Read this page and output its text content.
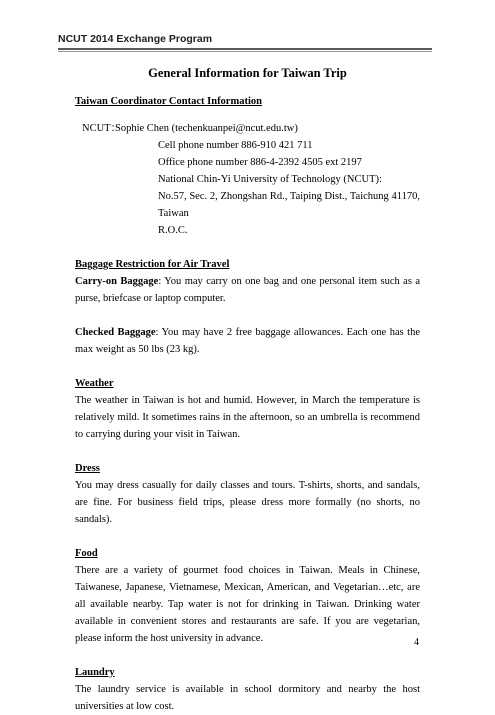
NCUT 2014 Exchange Program
General Information for Taiwan Trip
Taiwan Coordinator Contact Information
NCUT：
Sophie Chen (techenkuanpei@ncut.edu.tw)
Cell phone number 886-910 421 711
Office phone number 886-4-2392 4505 ext 2197
National Chin-Yi University of Technology (NCUT):
No.57, Sec. 2, Zhongshan Rd., Taiping Dist., Taichung 41170, Taiwan
R.O.C.
Baggage Restriction for Air Travel

Carry-on Baggage: You may carry on one bag and one personal item such as a purse, briefcase or laptop computer.

Checked Baggage: You may have 2 free baggage allowances. Each one has the max weight as 50 lbs (23 kg).

Weather

The weather in Taiwan is hot and humid. However, in March the temperature is relatively mild. It sometimes rains in the afternoon, so an umbrella is recommend to carrying during your visit in Taiwan.

Dress

You may dress casually for daily classes and tours. T-shirts, shorts, and sandals, are fine. For business field trips, please dress more formally (no shorts, no sandals).

Food

There are a variety of gourmet food choices in Taiwan. Meals in Chinese, Taiwanese, Japanese, Vietnamese, Mexican, American, and Vegetarian…etc, are all available nearby. Tap water is not for drinking in Taiwan. Drinking water available in convenient stores and restaurants are safe. If you are vegetarian, please inform the host university in advance.

Laundry

The laundry service is available in school dormitory and nearby the host universities at low cost.

4
